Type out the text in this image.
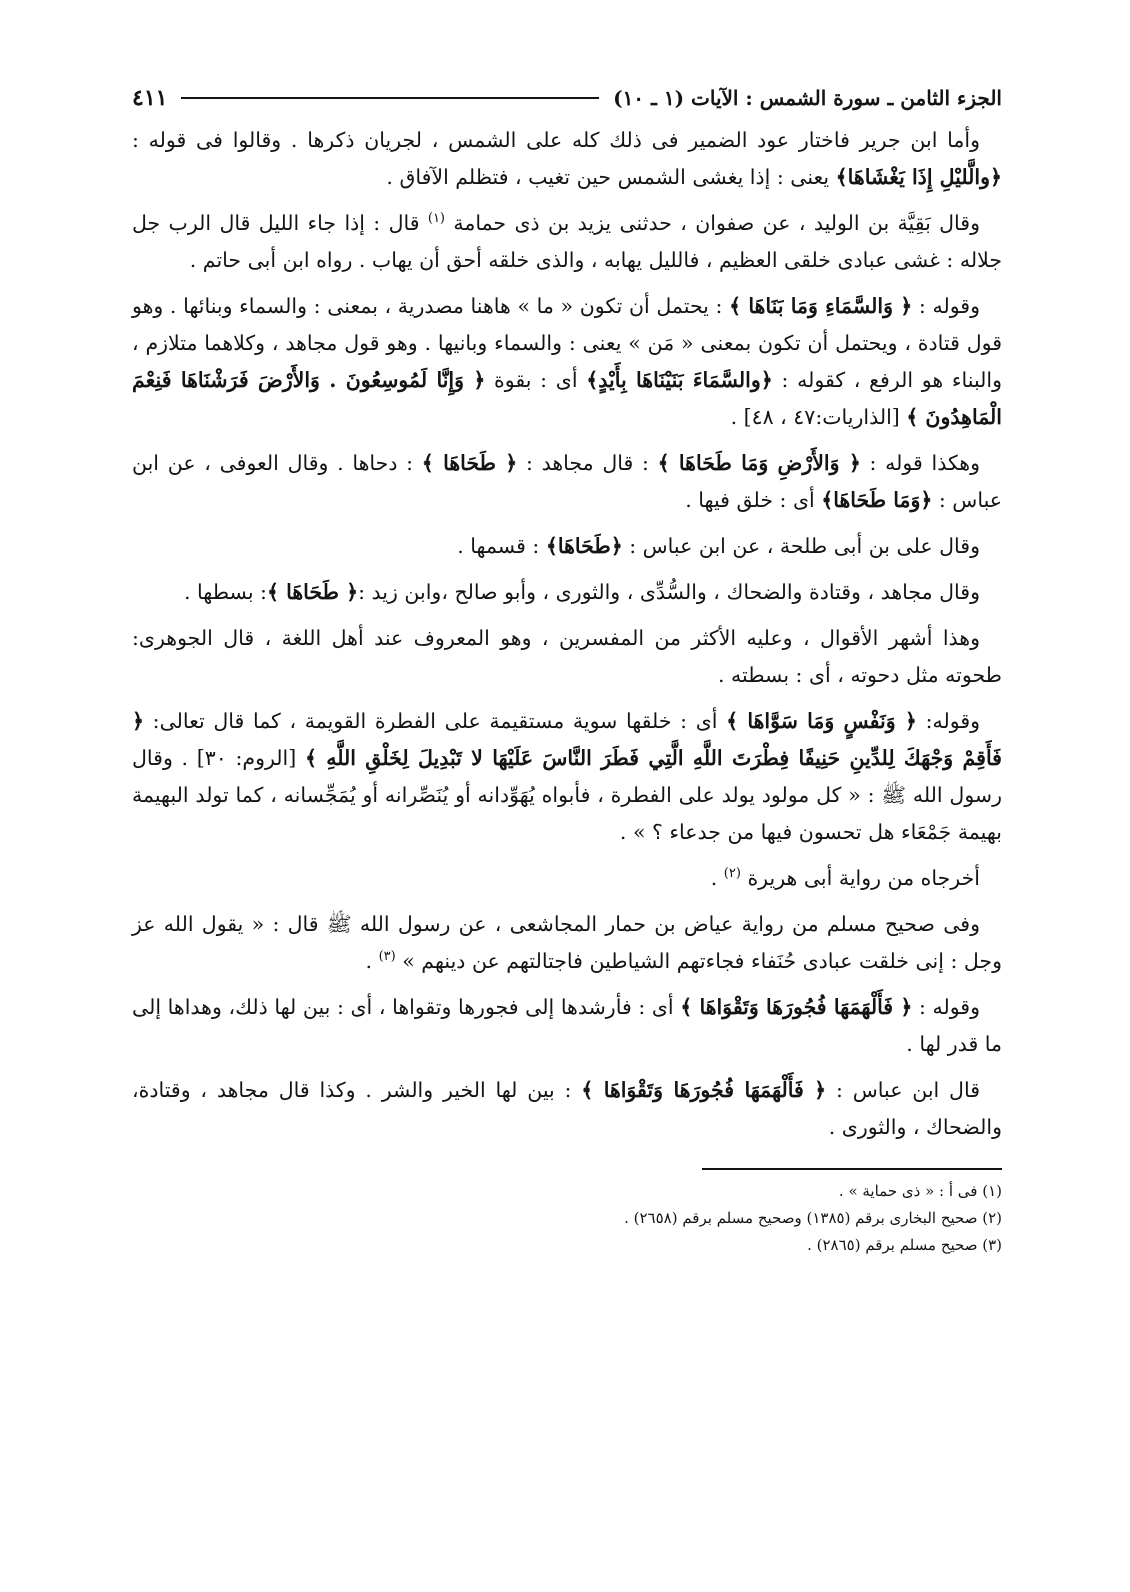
الجزء الثامن ـ سورة الشمس : الآيات (١ ـ ١٠)
٤١١

وأما ابن جرير فاختار عود الضمير فى ذلك كله على الشمس ، لجريان ذكرها . وقالوا فى قوله : ﴿والَّليْلِ إِذَا يَغْشَاهَا﴾ يعنى : إذا يغشى الشمس حين تغيب ، فتظلم الآفاق .

وقال بَقِيَّة بن الوليد ، عن صفوان ، حدثنى يزيد بن ذى حمامة $^{(١)}$ قال : إذا جاء الليل قال الرب جل جلاله : غشى عبادى خلقى العظيم ، فالليل يهابه ، والذى خلقه أحق أن يهاب . رواه ابن أبى حاتم .

وقوله : ﴿ وَالسَّمَاءِ وَمَا بَنَاهَا ﴾ : يحتمل أن تكون « ما » هاهنا مصدرية ، بمعنى : والسماء وبنائها . وهو قول قتادة ، ويحتمل أن تكون بمعنى « مَن » يعنى : والسماء وبانيها . وهو قول مجاهد ، وكلاهما متلازم ، والبناء هو الرفع ، كقوله : ﴿والسَّمَاءَ بَنَيْنَاهَا بِأَيْدٍ﴾ أى : بقوة ﴿ وَإِنَّا لَمُوسِعُونَ . وَالأَرْضَ فَرَشْنَاهَا فَنِعْمَ الْمَاهِدُونَ ﴾ [الذاريات:٤٧ ، ٤٨] .

وهكذا قوله : ﴿ وَالأَرْضِ وَمَا طَحَاهَا ﴾ : قال مجاهد : ﴿ طَحَاهَا ﴾ : دحاها . وقال العوفى ، عن ابن عباس : ﴿وَمَا طَحَاهَا﴾ أى : خلق فيها .

وقال على بن أبى طلحة ، عن ابن عباس : ﴿طَحَاهَا﴾ : قسمها .

وقال مجاهد ، وقتادة والضحاك ، والسُّدِّى ، والثورى ، وأبو صالح ،وابن زيد :﴿ طَحَاهَا ﴾: بسطها .

وهذا أشهر الأقوال ، وعليه الأكثر من المفسرين ، وهو المعروف عند أهل اللغة ، قال الجوهرى: طحوته مثل دحوته ، أى : بسطته .

وقوله: ﴿ وَنَفْسٍ وَمَا سَوَّاهَا ﴾ أى : خلقها سوية مستقيمة على الفطرة القويمة ، كما قال تعالى: ﴿ فَأَقِمْ وَجْهَكَ لِلدِّينِ حَنِيفًا فِطْرَتَ اللَّهِ الَّتِي فَطَرَ النَّاسَ عَلَيْهَا لا تَبْدِيلَ لِخَلْقِ اللَّهِ ﴾ [الروم: ٣٠] . وقال رسول الله ﷺ : « كل مولود يولد على الفطرة ، فأبواه يُهَوِّدانه أو يُنَصِّرانه أو يُمَجِّسانه ، كما تولد البهيمة بهيمة جَمْعَاء هل تحسون فيها من جدعاء ؟ » .

أخرجاه من رواية أبى هريرة $^{(٢)}$ .

وفى صحيح مسلم من رواية عياض بن حمار المجاشعى ، عن رسول الله ﷺ قال : « يقول الله عز وجل : إنى خلقت عبادى حُنَفاء فجاءتهم الشياطين فاجتالتهم عن دينهم » $^{(٣)}$ .

وقوله : ﴿ فَأَلْهَمَهَا فُجُورَهَا وَتَقْوَاهَا ﴾ أى : فأرشدها إلى فجورها وتقواها ، أى : بين لها ذلك، وهداها إلى ما قدر لها .

قال ابن عباس : ﴿ فَأَلْهَمَهَا فُجُورَهَا وَتَقْوَاهَا ﴾ : بين لها الخير والشر . وكذا قال مجاهد ، وقتادة، والضحاك ، والثورى .

(١) فى أ : « ذى حماية » .

(٢) صحيح البخارى برقم (١٣٨٥) وصحيح مسلم برقم (٢٦٥٨) .

(٣) صحيح مسلم برقم (٢٨٦٥) .
